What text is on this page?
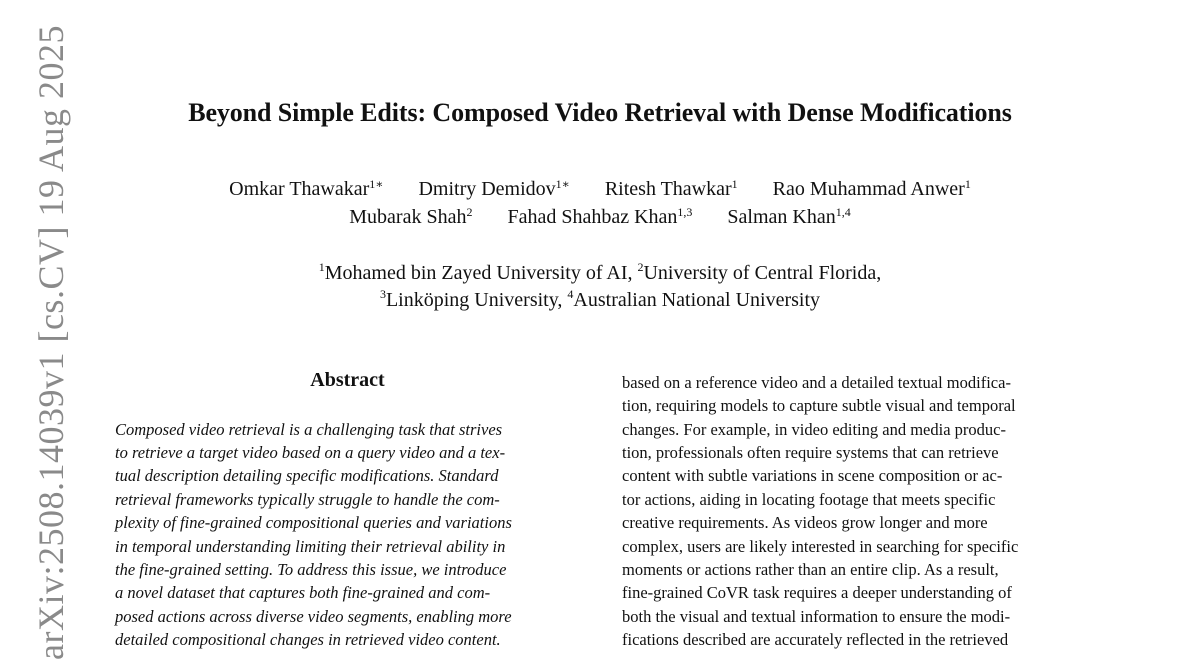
Beyond Simple Edits: Composed Video Retrieval with Dense Modifications
Omkar Thawakar$^{1∗}$ Dmitry Demidov$^{1∗}$ Ritesh Thawkar$^1$ Rao Muhammad Anwer$^1$
Mubarak Shah$^2$ Fahad Shahbaz Khan$^{1,3}$ Salman Khan$^{1,4}$
$^1$Mohamed bin Zayed University of AI, $^2$University of Central Florida,
$^3$Linköping University, $^4$Australian National University
Abstract
Composed video retrieval is a challenging task that strives
to retrieve a target video based on a query video and a tex-
tual description detailing specific modifications. Standard
retrieval frameworks typically struggle to handle the com-
plexity of fine-grained compositional queries and variations
in temporal understanding limiting their retrieval ability in
the fine-grained setting. To address this issue, we introduce
a novel dataset that captures both fine-grained and com-
posed actions across diverse video segments, enabling more
detailed compositional changes in retrieved video content.
based on a reference video and a detailed textual modifica-
tion, requiring models to capture subtle visual and temporal
changes. For example, in video editing and media produc-
tion, professionals often require systems that can retrieve
content with subtle variations in scene composition or ac-
tor actions, aiding in locating footage that meets specific
creative requirements. As videos grow longer and more
complex, users are likely interested in searching for specific
moments or actions rather than an entire clip. As a result,
fine-grained CoVR task requires a deeper understanding of
both the visual and textual information to ensure the modi-
fications described are accurately reflected in the retrieved
arXiv:2508.14039v1 [cs.CV] 19 Aug 2025
